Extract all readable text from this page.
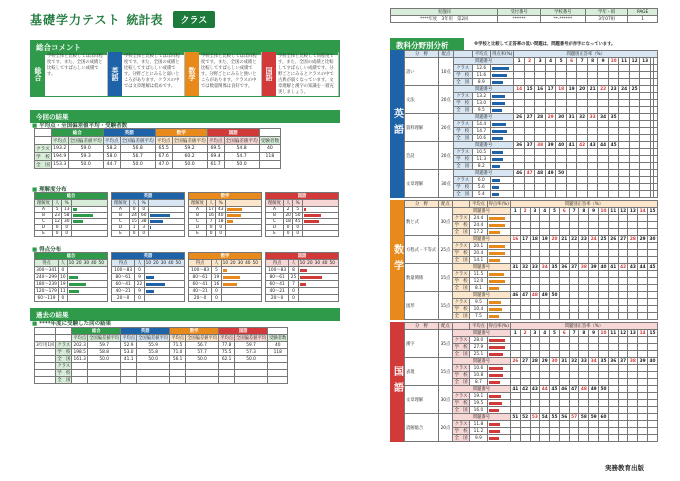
基礎学力テスト 統計表	クラス
実施回	受付番号	学校番号	学年・組	PAGE
****年度　3年用　第2回	******	**-******	3年07組	1
総合コメント
総合
学校全体と比較してほぼ同程度です。また、全国の成績と比較してすばらしい成績です。	英語
学校全体と比較してほぼ同程度です。また、全国の成績と比較してすばらしい成績です。分野ごとにみると弱いところがあります。クラスの中では文章理解は低めです。
数学
学校全体と比較してほぼ同程度です。また、全国の成績と比較してすばらしい成績です。分野ごとにみると強いところがあります。クラスの中では数量関係は良好です。
国語
学校全体と比較して同程度です。また、全国の成績と比較してすばらしい成績です。分野ごとにみるとクラスの中で古典が弱くなっています。文章理解と漢字の知識を一層充実しましょう。
今回の結果
■ 平均点・全国偏差値平均・受験者数
	総合		英語		数学		国語		
	平均点	全国偏差値平均	平均点	全国偏差値平均	平均点	全国偏差値平均	平均点	全国偏差値平均	受験者数
クラス	193.2	59.0	58.2	56.8	65.5	59.2	69.5	54.8	40
学　校	194.9	59.3	58.0	56.7	67.6	60.2	69.4	54.7	118
全　国	153.3	50.0	44.7	50.0	47.0	50.0	61.7	50.0	
■ 理解度分布
総合			
理解度	人	%	
A	5	13	

B	23	58	

C	12	30	

D	0	0	

E	0	0	
英語			
理解度	人	%	
A	0	0	

B	24	60	

C	15	38	

D	1	3	

E	0	0	
数学			
理解度	人	%	
A	17	43	

B	16	40	

C	7	18	

D	0	0	

E	0	0	
国語			
理解度	人	%	
A	2	5	

B	20	50	

C	18	45	

D	0	0	

E	0	0	
■ 得点分布
総合		
得点	人	10 20 30 40 50
300〜341	0	

240〜299	10	

180〜239	19	

120〜179	11	

60〜119	0	
英語		
得点	人	10 20 30 40 50
100〜83	0	

80〜61	9	

60〜41	22	

40〜21	9	

20〜0	0	
数学		
得点	人	10 20 30 40 50
100〜83	5	

80〜61	19	

60〜41	16	

40〜21	0	

20〜0	0	
国語		
得点	人	10 20 30 40 50
100〜83	8	

80〜61	25	

60〜41	7	

40〜21	0	

20〜0	0	
過去の結果
■ ****年度に受験した回の結果
		総合		英語		数学		国語		
		平均点	全国偏差値平均	平均点	全国偏差値平均	平均点	全国偏差値平均	平均点	全国偏差値平均	受験者数
3年用1回	クラス	202.3	59.7	52.9	55.9	71.5	56.7	77.8	59.7	40
	学　校	198.5	58.8	53.0	55.8	71.0	57.7	75.5	57.3	118
	全　国	161.3	50.0	41.1	50.0	56.1	50.0	62.1	50.0	
	クラス									
	学　校									
	全　国									
教科分野別分析	※学校と比較して正答率の低い問題は、問題番号が赤字になっています。
英語
分　野	配点		平均点	得点率(%)	問題別正答率（%）														
語い	10点	問題番号			1	2	3	4	5	6	7	8	9	10	11	12	13		
		クラス	12.6	

		学　校	11.6	

		全　国	8.9	

文法	20点	問題番号			14	15	16	17	18	19	20	21	22	23	24	25			
		クラス	13.2	

		学　校	13.0	

		全　国	9.5	

資料理解	20点	問題番号			26	27	28	29	30	31	32	33	34	35					
		クラス	14.4	

		学　校	14.7	

		全　国	10.6	

会話	20点	問題番号			36	37	38	39	40	41	42	43	44	45					
		クラス	10.5	

		学　校	11.3	

		全　国	8.2	

文章理解	30点	問題番号			46	47	48	49	50										
		クラス	6.0	

		学　校	5.6	

		全　国	5.4	

数学
分　野	配点		平均点	得点率(%)	問題別正答率（%）														
数と式	30点	問題番号			1	2	3	4	5	6	7	8	9	10	11	12	13	14	15
		クラス	24.4	

		学　校	24.4	

		全　国	17.2	

方程式・不等式	25点	問題番号			16	17	18	19	20	21	22	23	24	25	26	27	28	29	30
		クラス	20.1	

		学　校	20.4	

		全　国	14.1	

数量関係	15点	問題番号			31	32	33	34	35	36	37	38	39	40	41	42	43	44	45
		クラス	11.5	

		学　校	12.0	

		全　国	8.1	

図形	15点	問題番号			46	47	48	49	50										
		クラス	9.5	

		学　校	10.4	

		全　国	7.5	

国語
分　野	配点		平均点	得点率(%)	問題別正答率（%）														
漢字	35点	問題番号			1	2	3	4	5	6	7	8	9	10	11	12	13	14	15
		クラス	28.0	

		学　校	27.9	

		全　国	25.1	

表現	15点	問題番号			26	27	28	29	30	31	32	33	34	35	36	37	38	39	40
		クラス	10.6	

		学　校	10.8	

		全　国	8.7	

文章理解	30点	問題番号			41	42	43	44	45	46	47	48	49	50					
		クラス	19.1	

		学　校	19.5	

		全　国	16.0	

読解総合	20点	問題番号			51	52	53	54	55	56	57	58	59	60					
		クラス	11.8	

		学　校	11.2	

		全　国	9.9	

実務教育出版
